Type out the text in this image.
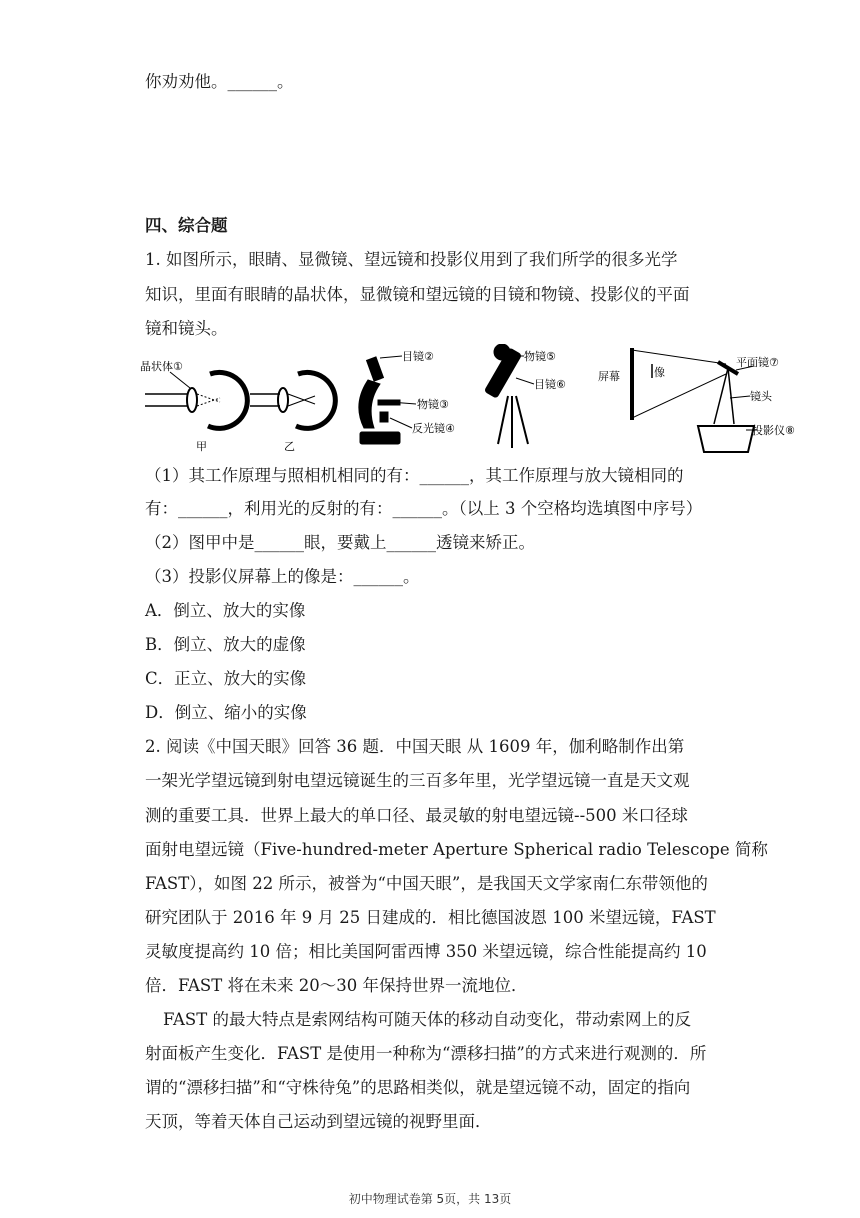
你劝劝他。______。
四、综合题
1. 如图所示，眼睛、显微镜、望远镜和投影仪用到了我们所学的很多光学
知识，里面有眼睛的晶状体，显微镜和望远镜的目镜和物镜、投影仪的平面
镜和镜头。
晶状体①
甲	乙
目镜②
物镜③
反光镜④
物镜⑤
目镜⑥
屏幕	像
平面镜⑦
镜头
投影仪⑧
（1）其工作原理与照相机相同的有：______，其工作原理与放大镜相同的
有：______，利用光的反射的有：______。（以上 3 个空格均选填图中序号）
（2）图甲中是______眼，要戴上______透镜来矫正。
（3）投影仪屏幕上的像是：______。
A．倒立、放大的实像
B．倒立、放大的虚像
C．正立、放大的实像
D．倒立、缩小的实像
2. 阅读《中国天眼》回答 36 题．中国天眼 从 1609 年，伽利略制作出第
一架光学望远镜到射电望远镜诞生的三百多年里，光学望远镜一直是天文观
测的重要工具．世界上最大的单口径、最灵敏的射电望远镜--500 米口径球
面射电望远镜（Five-hundred-meter Aperture Spherical radio Telescope 简称
FAST），如图 22 所示，被誉为“中国天眼”，是我国天文学家南仁东带领他的
研究团队于 2016 年 9 月 25 日建成的．相比德国波恩 100 米望远镜，FAST
灵敏度提高约 10 倍；相比美国阿雷西博 350 米望远镜，综合性能提高约 10
倍．FAST 将在未来 20～30 年保持世界一流地位．
FAST 的最大特点是索网结构可随天体的移动自动变化，带动索网上的反
射面板产生变化．FAST 是使用一种称为“漂移扫描”的方式来进行观测的．所
谓的“漂移扫描”和“守株待兔”的思路相类似，就是望远镜不动，固定的指向
天顶，等着天体自己运动到望远镜的视野里面．
初中物理试卷第 5页，共 13页
